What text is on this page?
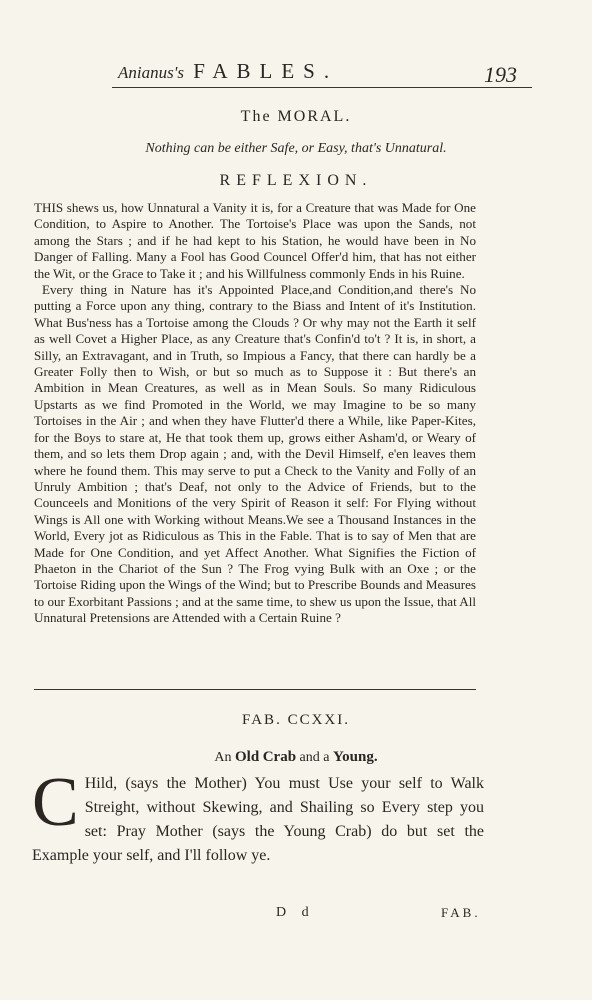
Anianus's FABLES.	193
The MORAL.
Nothing can be either Safe, or Easy, that's Unnatural.
REFLEXION.

THIS shews us, how Unnatural a Vanity it is, for a Creature that was Made for One Condition, to Aspire to Another. The Tortoise's Place was upon the Sands, not among the Stars ; and if he had kept to his Station, he would have been in No Danger of Falling. Many a Fool has Good Councel Offer'd him, that has not either the Wit, or the Grace to Take it ; and his Willfulness commonly Ends in his Ruine.

Every thing in Nature has it's Appointed Place,and Condition,and there's No putting a Force upon any thing, contrary to the Biass and Intent of it's Institution. What Bus'ness has a Tortoise among the Clouds ? Or why may not the Earth it self as well Covet a Higher Place, as any Creature that's Confin'd to't ? It is, in short, a Silly, an Extravagant, and in Truth, so Impious a Fancy, that there can hardly be a Greater Folly then to Wish, or but so much as to Suppose it : But there's an Ambition in Mean Creatures, as well as in Mean Souls. So many Ridiculous Upstarts as we find Promoted in the World, we may Imagine to be so many Tortoises in the Air ; and when they have Flutter'd there a While, like Paper-Kites, for the Boys to stare at, He that took them up, grows either Asham'd, or Weary of them, and so lets them Drop again ; and, with the Devil Himself, e'en leaves them where he found them. This may serve to put a Check to the Vanity and Folly of an Unruly Ambition ; that's Deaf, not only to the Advice of Friends, but to the Counceels and Monitions of the very Spirit of Reason it self: For Flying without Wings is All one with Working without Means.We see a Thousand Instances in the World, Every jot as Ridiculous as This in the Fable. That is to say of Men that are Made for One Condition, and yet Affect Another. What Signifies the Fiction of Phaeton in the Chariot of the Sun ? The Frog vying Bulk with an Oxe ; or the Tortoise Riding upon the Wings of the Wind; but to Prescribe Bounds and Measures to our Exorbitant Passions ; and at the same time, to shew us upon the Issue, that All Unnatural Pretensions are Attended with a Certain Ruine ?

FAB. CCXXI.
An Old Crab and a Young.
C Hild, (says the Mother) You must Use your self to Walk Streight, without Skewing, and Shailing so Every step you set: Pray Mother (says the Young Crab) do but set the Example your self, and I'll follow ye.
D d	FAB.
